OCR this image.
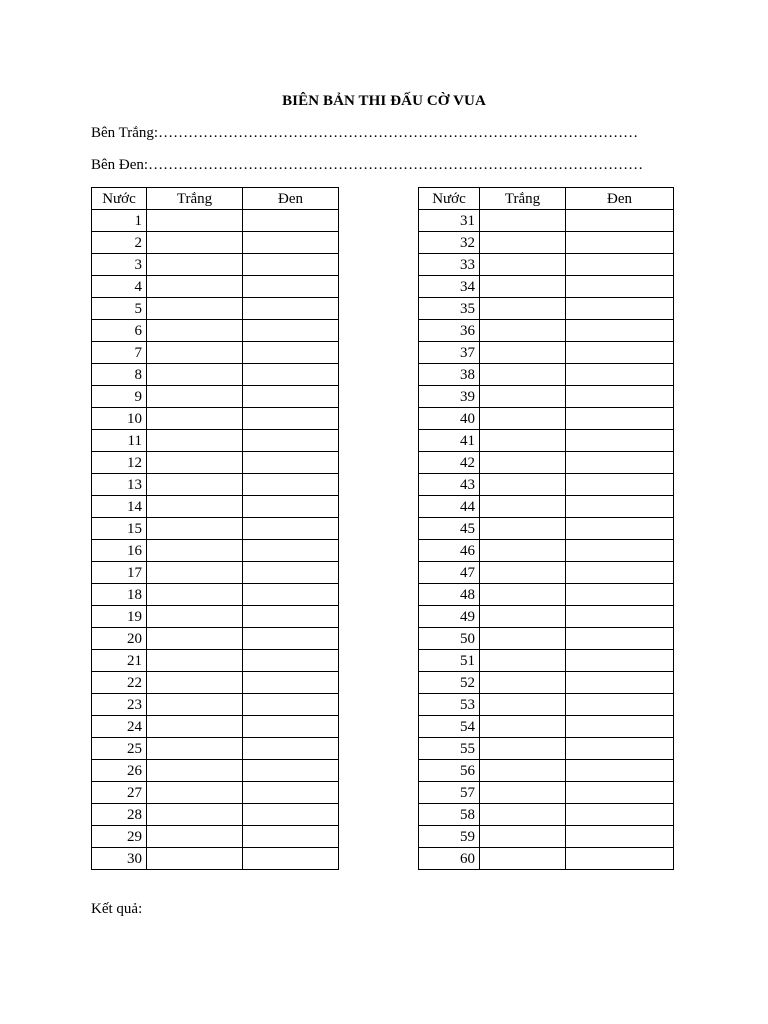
BIÊN BẢN THI ĐẤU CỜ VUA
Bên Trắng:……………………………………………………………………………………
Bên Đen:………………………………………………………………………………………
Nước	Trắng	Đen
1		
2		
3		
4		
5		
6		
7		
8		
9		
10		
11		
12		
13		
14		
15		
16		
17		
18		
19		
20		
21		
22		
23		
24		
25		
26		
27		
28		
29		
30		
Nước	Trắng	Đen
31		
32		
33		
34		
35		
36		
37		
38		
39		
40		
41		
42		
43		
44		
45		
46		
47		
48		
49		
50		
51		
52		
53		
54		
55		
56		
57		
58		
59		
60		
Kết quả:
